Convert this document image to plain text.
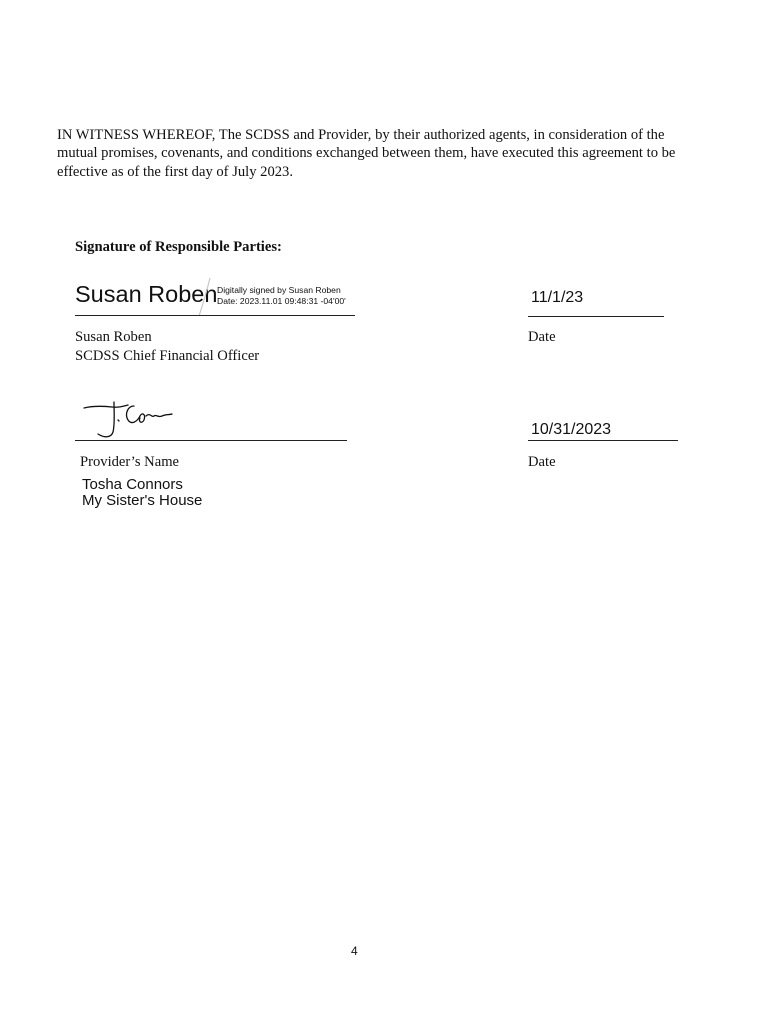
IN WITNESS WHEREOF, The SCDSS and Provider, by their authorized agents, in consideration of the mutual promises, covenants, and conditions exchanged between them, have executed this agreement to be effective as of the first day of July 2023.

Signature of Responsible Parties:
Susan Roben Digitally signed by Susan Roben
Date: 2023.11.01 09:48:31 -04'00'	11/1/23
Susan Roben
SCDSS Chief Financial Officer
Date
10/31/2023
Provider’s Name	Date
Tosha Connors
My Sister's House
4
